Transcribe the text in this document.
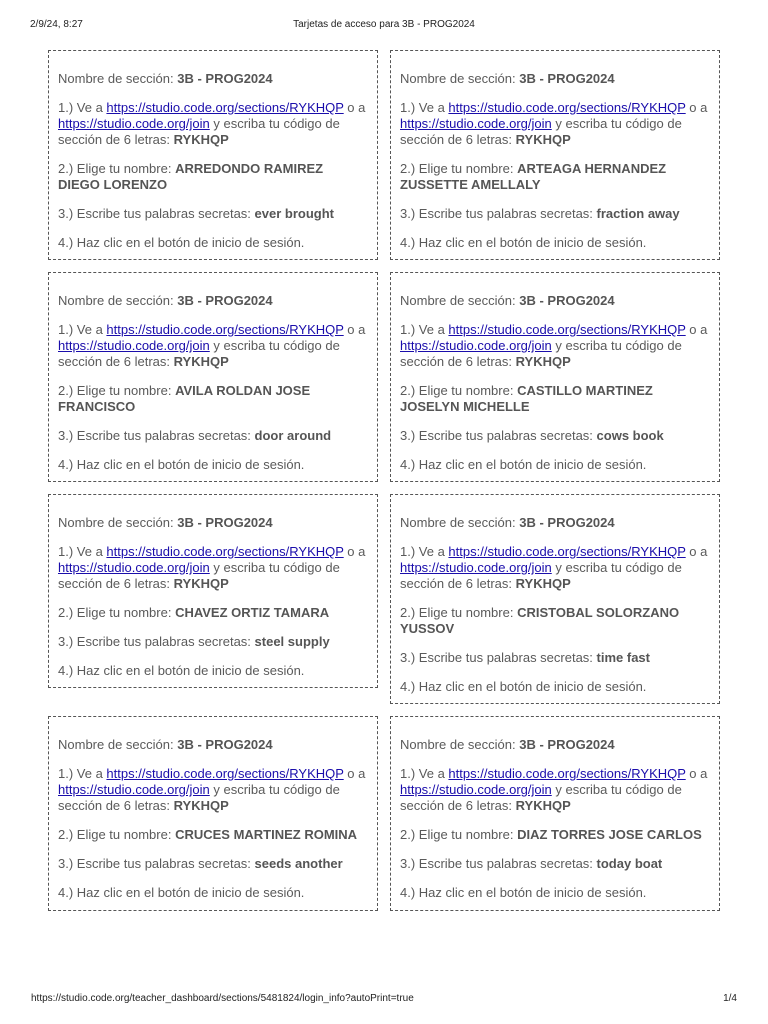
2/9/24, 8:27	Tarjetas de acceso para 3B - PROG2024

Nombre de sección: 3B - PROG2024

1.) Ve a https://studio.code.org/sections/RYKHQP o a https://studio.code.org/join y escriba tu código de sección de 6 letras: RYKHQP

2.) Elige tu nombre: ARREDONDO RAMIREZ DIEGO LORENZO

3.) Escribe tus palabras secretas: ever brought

4.) Haz clic en el botón de inicio de sesión.

Nombre de sección: 3B - PROG2024

1.) Ve a https://studio.code.org/sections/RYKHQP o a https://studio.code.org/join y escriba tu código de sección de 6 letras: RYKHQP

2.) Elige tu nombre: ARTEAGA HERNANDEZ ZUSSETTE AMELLALY

3.) Escribe tus palabras secretas: fraction away

4.) Haz clic en el botón de inicio de sesión.

Nombre de sección: 3B - PROG2024

1.) Ve a https://studio.code.org/sections/RYKHQP o a https://studio.code.org/join y escriba tu código de sección de 6 letras: RYKHQP

2.) Elige tu nombre: AVILA ROLDAN JOSE FRANCISCO

3.) Escribe tus palabras secretas: door around

4.) Haz clic en el botón de inicio de sesión.

Nombre de sección: 3B - PROG2024

1.) Ve a https://studio.code.org/sections/RYKHQP o a https://studio.code.org/join y escriba tu código de sección de 6 letras: RYKHQP

2.) Elige tu nombre: CASTILLO MARTINEZ JOSELYN MICHELLE

3.) Escribe tus palabras secretas: cows book

4.) Haz clic en el botón de inicio de sesión.

Nombre de sección: 3B - PROG2024

1.) Ve a https://studio.code.org/sections/RYKHQP o a https://studio.code.org/join y escriba tu código de sección de 6 letras: RYKHQP

2.) Elige tu nombre: CHAVEZ ORTIZ TAMARA

3.) Escribe tus palabras secretas: steel supply

4.) Haz clic en el botón de inicio de sesión.

Nombre de sección: 3B - PROG2024

1.) Ve a https://studio.code.org/sections/RYKHQP o a https://studio.code.org/join y escriba tu código de sección de 6 letras: RYKHQP

2.) Elige tu nombre: CRISTOBAL SOLORZANO YUSSOV

3.) Escribe tus palabras secretas: time fast

4.) Haz clic en el botón de inicio de sesión.

Nombre de sección: 3B - PROG2024

1.) Ve a https://studio.code.org/sections/RYKHQP o a https://studio.code.org/join y escriba tu código de sección de 6 letras: RYKHQP

2.) Elige tu nombre: CRUCES MARTINEZ ROMINA

3.) Escribe tus palabras secretas: seeds another

4.) Haz clic en el botón de inicio de sesión.

Nombre de sección: 3B - PROG2024

1.) Ve a https://studio.code.org/sections/RYKHQP o a https://studio.code.org/join y escriba tu código de sección de 6 letras: RYKHQP

2.) Elige tu nombre: DIAZ TORRES JOSE CARLOS

3.) Escribe tus palabras secretas: today boat

4.) Haz clic en el botón de inicio de sesión.

https://studio.code.org/teacher_dashboard/sections/5481824/login_info?autoPrint=true	1/4
